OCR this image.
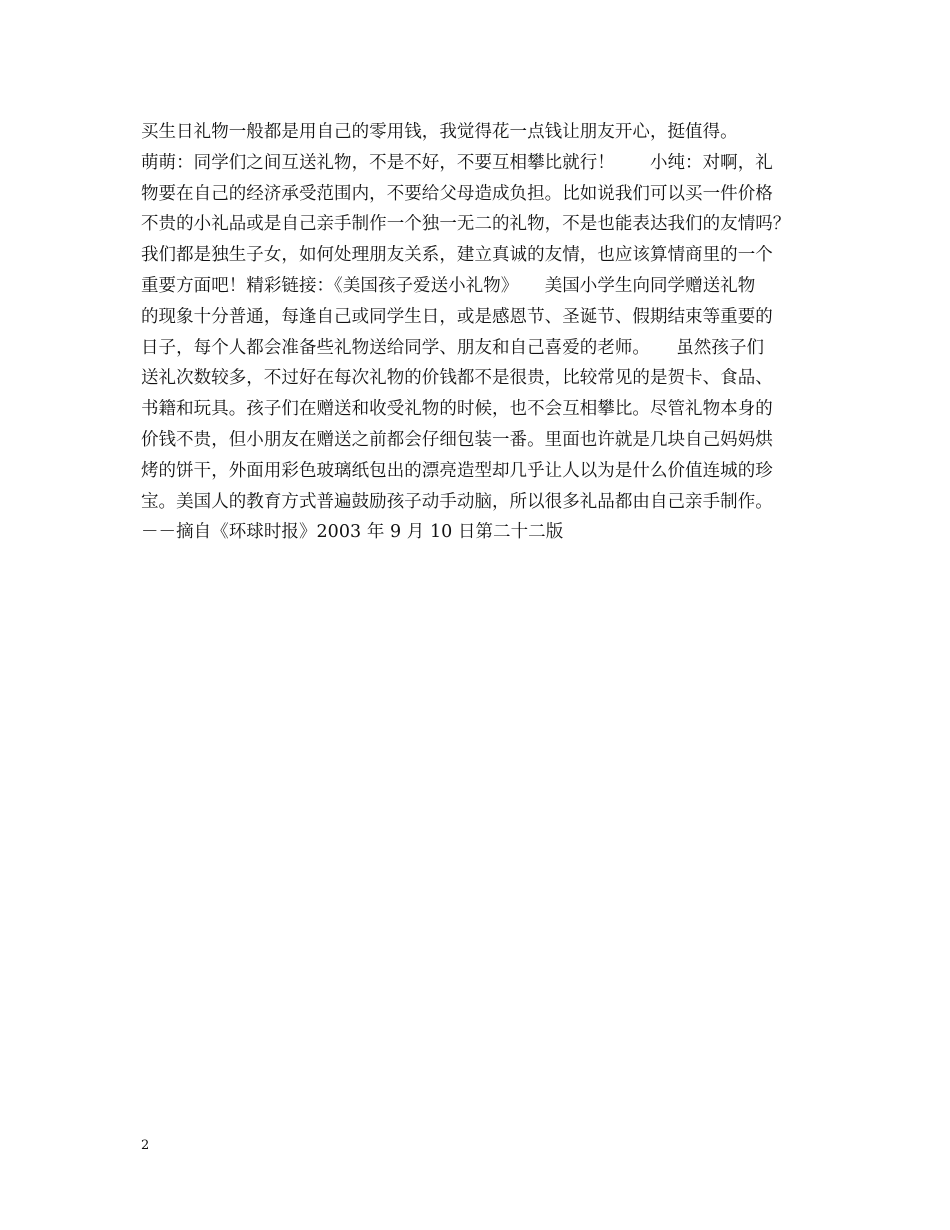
买生日礼物一般都是用自己的零用钱，我觉得花一点钱让朋友开心，挺值得。
萌萌：同学们之间互送礼物，不是不好，不要互相攀比就行！　　小纯：对啊，礼
物要在自己的经济承受范围内，不要给父母造成负担。比如说我们可以买一件价格
不贵的小礼品或是自己亲手制作一个独一无二的礼物，不是也能表达我们的友情吗？
我们都是独生子女，如何处理朋友关系，建立真诚的友情，也应该算情商里的一个
重要方面吧！精彩链接：《美国孩子爱送小礼物》　　美国小学生向同学赠送礼物
的现象十分普通，每逢自己或同学生日，或是感恩节、圣诞节、假期结束等重要的
日子，每个人都会准备些礼物送给同学、朋友和自己喜爱的老师。　　虽然孩子们
送礼次数较多，不过好在每次礼物的价钱都不是很贵，比较常见的是贺卡、食品、
书籍和玩具。孩子们在赠送和收受礼物的时候，也不会互相攀比。尽管礼物本身的
价钱不贵，但小朋友在赠送之前都会仔细包装一番。里面也许就是几块自己妈妈烘
烤的饼干，外面用彩色玻璃纸包出的漂亮造型却几乎让人以为是什么价值连城的珍
宝。美国人的教育方式普遍鼓励孩子动手动脑，所以很多礼品都由自己亲手制作。
－－摘自《环球时报》2003 年 9 月 10 日第二十二版
2
